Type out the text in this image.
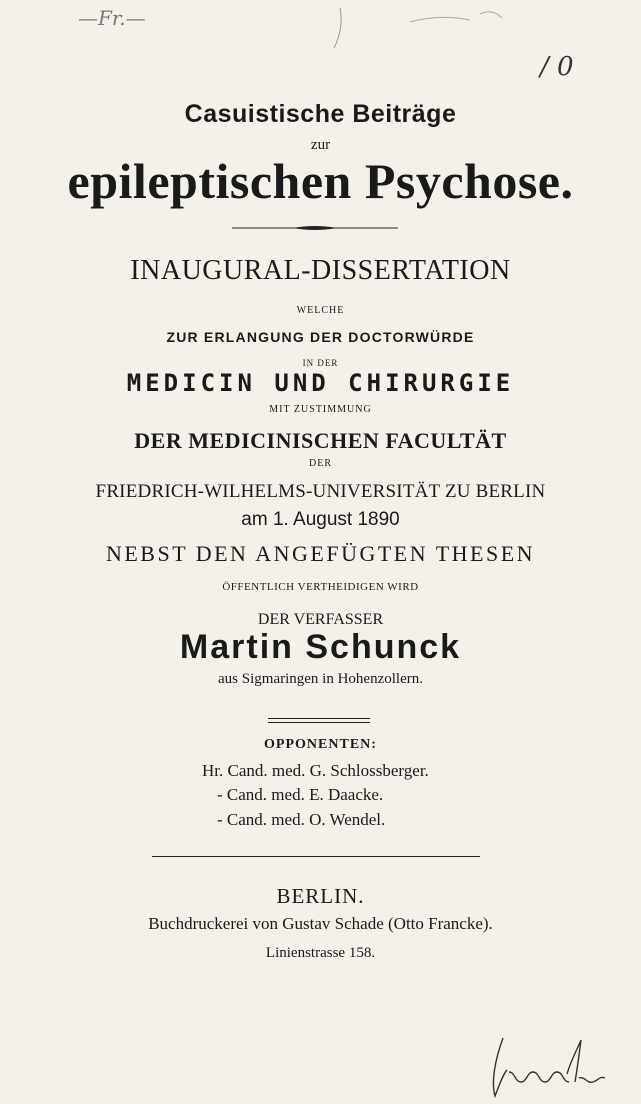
—Fr.—
/ 0
Casuistische Beiträge
zur
epileptischen Psychose.
INAUGURAL-DISSERTATION
WELCHE
ZUR ERLANGUNG DER DOCTORWÜRDE
IN DER
MEDICIN UND CHIRURGIE
MIT ZUSTIMMUNG
DER MEDICINISCHEN FACULTÄT
DER
FRIEDRICH-WILHELMS-UNIVERSITÄT ZU BERLIN
am 1. August 1890
NEBST DEN ANGEFÜGTEN THESEN
ÖFFENTLICH VERTHEIDIGEN WIRD
DER VERFASSER
Martin Schunck
aus Sigmaringen in Hohenzollern.
OPPONENTEN:
Hr. Cand. med. G. Schlossberger.
- Cand. med. E. Daacke.
- Cand. med. O. Wendel.
BERLIN.
Buchdruckerei von Gustav Schade (Otto Francke).
Linienstrasse 158.
